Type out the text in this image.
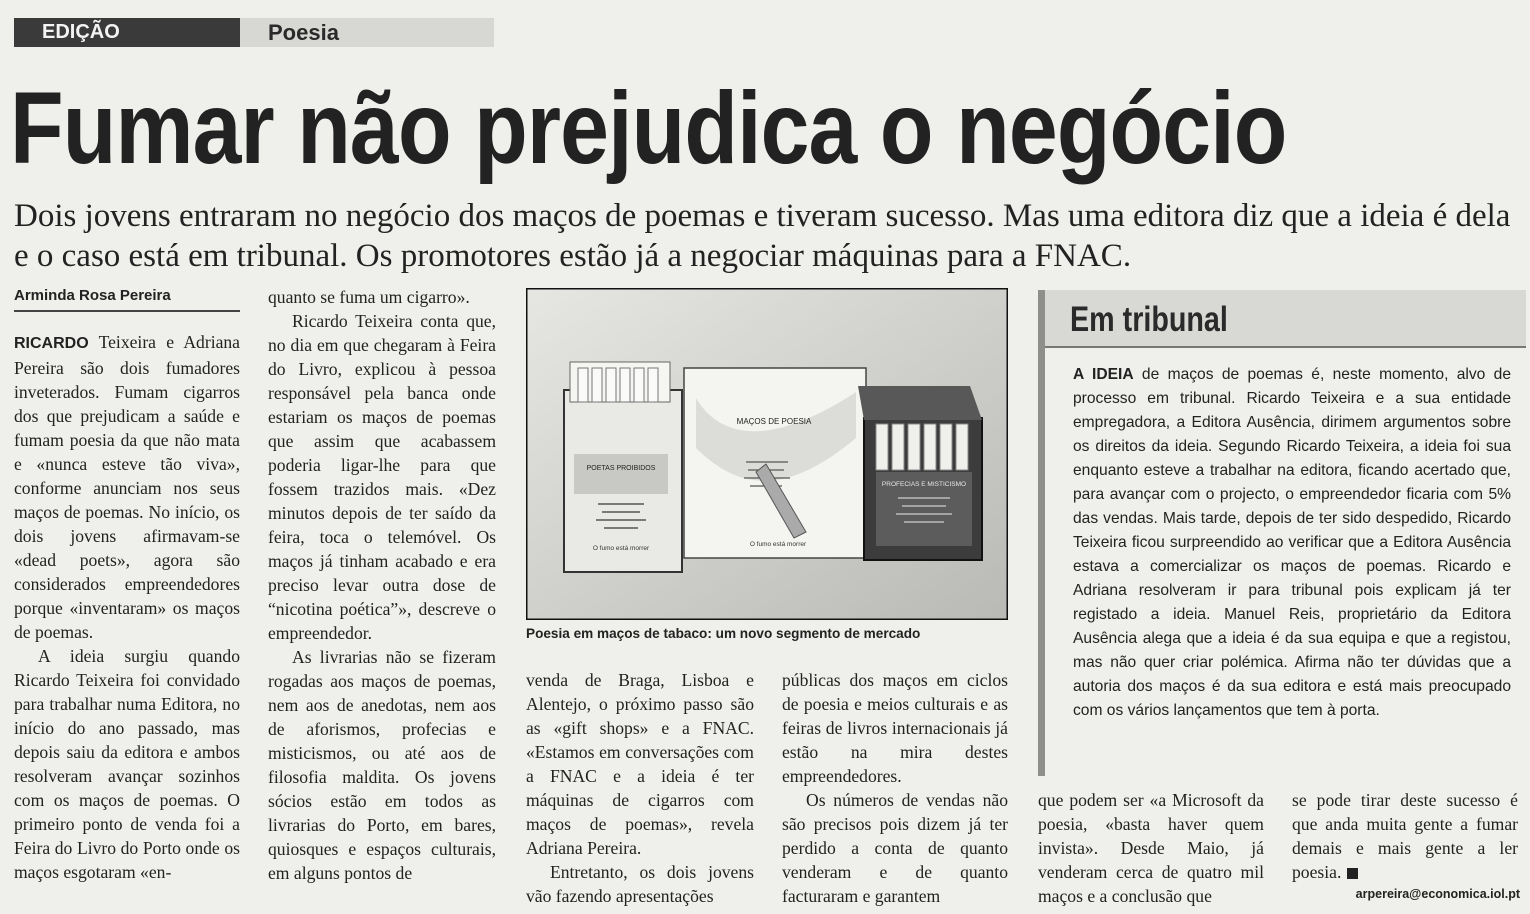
EDIÇÃO	Poesia
Fumar não prejudica o negócio

Dois jovens entraram no negócio dos maços de poemas e tiveram sucesso. Mas uma editora diz que a ideia é dela e o caso está em tribunal. Os promotores estão já a negociar máquinas para a FNAC.

Arminda Rosa Pereira

RICARDO Teixeira e Adriana Pereira são dois fumadores inveterados. Fumam cigarros dos que prejudicam a saúde e fumam poesia da que não mata e «nunca esteve tão viva», conforme anunciam nos seus maços de poemas. No início, os dois jovens afirmavam-se «dead poets», agora são considerados empreendedores porque «inventaram» os maços de poemas.

A ideia surgiu quando Ricardo Teixeira foi convidado para trabalhar numa Editora, no início do ano passado, mas depois saiu da editora e ambos resolveram avançar sozinhos com os maços de poemas. O primeiro ponto de venda foi a Feira do Livro do Porto onde os maços esgotaram «en-

quanto se fuma um cigarro».

Ricardo Teixeira conta que, no dia em que chegaram à Feira do Livro, explicou à pessoa responsável pela banca onde estariam os maços de poemas que assim que acabassem poderia ligar-lhe para que fossem trazidos mais. «Dez minutos depois de ter saído da feira, toca o telemóvel. Os maços já tinham acabado e era preciso levar outra dose de “nicotina poética”», descreve o empreendedor.

As livrarias não se fizeram rogadas aos maços de poemas, nem aos de anedotas, nem aos de aforismos, profecias e misticismos, ou até aos de filosofia maldita. Os jovens sócios estão em todos as livrarias do Porto, em bares, quiosques e espaços culturais, em alguns pontos de

POETAS PROIBIDOS
O fumo está morrer
MAÇOS DE POESIA
O fumo está morrer
PROFECIAS E MISTICISMO
Poesia em maços de tabaco: um novo segmento de mercado

venda de Braga, Lisboa e Alentejo, o próximo passo são as «gift shops» e a FNAC. «Estamos em conversações com a FNAC e a ideia é ter máquinas de cigarros com maços de poemas», revela Adriana Pereira.

Entretanto, os dois jovens vão fazendo apresentações

públicas dos maços em ciclos de poesia e meios culturais e as feiras de livros internacionais já estão na mira destes empreendedores.

Os números de vendas não são precisos pois dizem já ter perdido a conta de quanto venderam e de quanto facturaram e garantem

Em tribunal
A IDEIA de maços de poemas é, neste momento, alvo de processo em tribunal. Ricardo Teixeira e a sua entidade empregadora, a Editora Ausência, dirimem argumentos sobre os direitos da ideia. Segundo Ricardo Teixeira, a ideia foi sua enquanto esteve a trabalhar na editora, ficando acertado que, para avançar com o projecto, o empreendedor ficaria com 5% das vendas. Mais tarde, depois de ter sido despedido, Ricardo Teixeira ficou surpreendido ao verificar que a Editora Ausência estava a comercializar os maços de poemas. Ricardo e Adriana resolveram ir para tribunal pois explicam já ter registado a ideia. Manuel Reis, proprietário da Editora Ausência alega que a ideia é da sua equipa e que a registou, mas não quer criar polémica. Afirma não ter dúvidas que a autoria dos maços é da sua editora e está mais preocupado com os vários lançamentos que tem à porta.

que podem ser «a Microsoft da poesia, «basta haver quem invista». Desde Maio, já venderam cerca de quatro mil maços e a conclusão que

se pode tirar deste sucesso é que anda muita gente a fumar demais e mais gente a ler poesia.

arpereira@economica.iol.pt
